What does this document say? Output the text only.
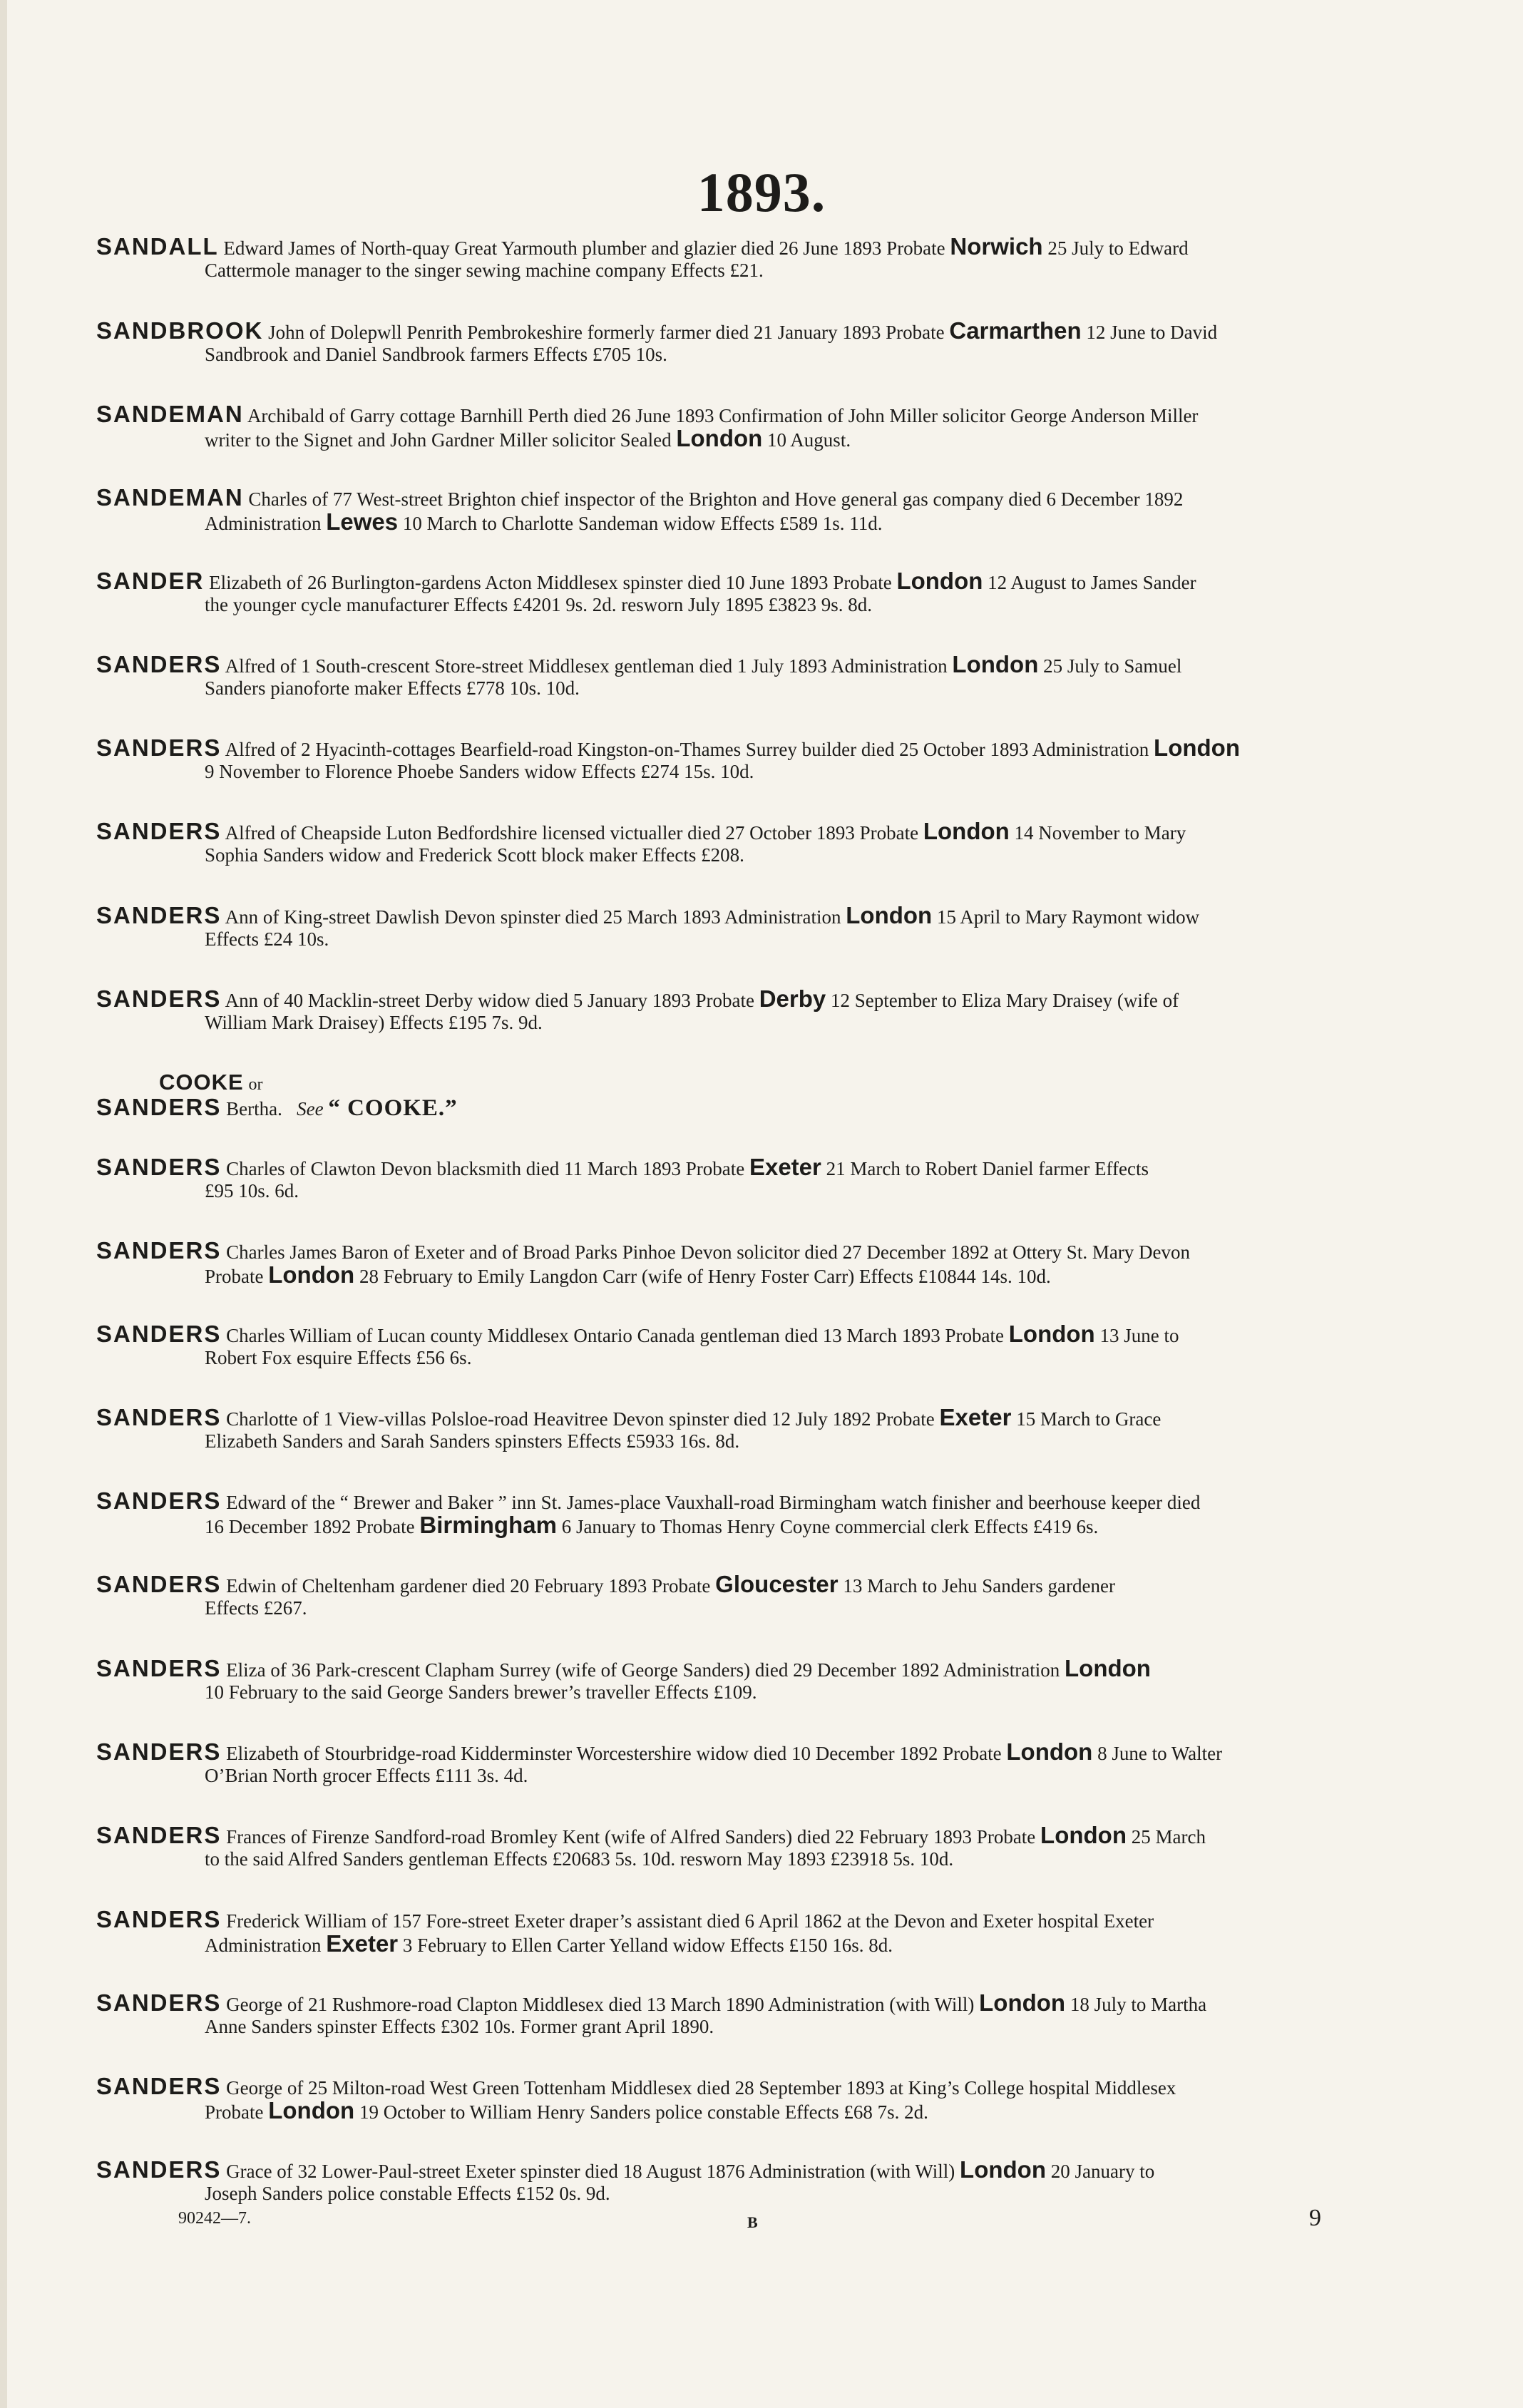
1893.
SANDALL Edward James of North-quay Great Yarmouth plumber and glazier died 26 June 1893 Probate Norwich 25 July to Edward
Cattermole manager to the singer sewing machine company Effects £21.
SANDBROOK John of Dolepwll Penrith Pembrokeshire formerly farmer died 21 January 1893 Probate Carmarthen 12 June to David
Sandbrook and Daniel Sandbrook farmers Effects £705 10s.
SANDEMAN Archibald of Garry cottage Barnhill Perth died 26 June 1893 Confirmation of John Miller solicitor George Anderson Miller
writer to the Signet and John Gardner Miller solicitor Sealed London 10 August.
SANDEMAN Charles of 77 West-street Brighton chief inspector of the Brighton and Hove general gas company died 6 December 1892
Administration Lewes 10 March to Charlotte Sandeman widow Effects £589 1s. 11d.
SANDER Elizabeth of 26 Burlington-gardens Acton Middlesex spinster died 10 June 1893 Probate London 12 August to James Sander
the younger cycle manufacturer Effects £4201 9s. 2d. resworn July 1895 £3823 9s. 8d.
SANDERS Alfred of 1 South-crescent Store-street Middlesex gentleman died 1 July 1893 Administration London 25 July to Samuel
Sanders pianoforte maker Effects £778 10s. 10d.
SANDERS Alfred of 2 Hyacinth-cottages Bearfield-road Kingston-on-Thames Surrey builder died 25 October 1893 Administration London
9 November to Florence Phoebe Sanders widow Effects £274 15s. 10d.
SANDERS Alfred of Cheapside Luton Bedfordshire licensed victualler died 27 October 1893 Probate London 14 November to Mary
Sophia Sanders widow and Frederick Scott block maker Effects £208.
SANDERS Ann of King-street Dawlish Devon spinster died 25 March 1893 Administration London 15 April to Mary Raymont widow
Effects £24 10s.
SANDERS Ann of 40 Macklin-street Derby widow died 5 January 1893 Probate Derby 12 September to Eliza Mary Draisey (wife of
William Mark Draisey) Effects £195 7s. 9d.
COOKE or
SANDERS Bertha. See “ COOKE.”
SANDERS Charles of Clawton Devon blacksmith died 11 March 1893 Probate Exeter 21 March to Robert Daniel farmer Effects
£95 10s. 6d.
SANDERS Charles James Baron of Exeter and of Broad Parks Pinhoe Devon solicitor died 27 December 1892 at Ottery St. Mary Devon
Probate London 28 February to Emily Langdon Carr (wife of Henry Foster Carr) Effects £10844 14s. 10d.
SANDERS Charles William of Lucan county Middlesex Ontario Canada gentleman died 13 March 1893 Probate London 13 June to
Robert Fox esquire Effects £56 6s.
SANDERS Charlotte of 1 View-villas Polsloe-road Heavitree Devon spinster died 12 July 1892 Probate Exeter 15 March to Grace
Elizabeth Sanders and Sarah Sanders spinsters Effects £5933 16s. 8d.
SANDERS Edward of the “ Brewer and Baker ” inn St. James-place Vauxhall-road Birmingham watch finisher and beerhouse keeper died
16 December 1892 Probate Birmingham 6 January to Thomas Henry Coyne commercial clerk Effects £419 6s.
SANDERS Edwin of Cheltenham gardener died 20 February 1893 Probate Gloucester 13 March to Jehu Sanders gardener
Effects £267.
SANDERS Eliza of 36 Park-crescent Clapham Surrey (wife of George Sanders) died 29 December 1892 Administration London
10 February to the said George Sanders brewer’s traveller Effects £109.
SANDERS Elizabeth of Stourbridge-road Kidderminster Worcestershire widow died 10 December 1892 Probate London 8 June to Walter
O’Brian North grocer Effects £111 3s. 4d.
SANDERS Frances of Firenze Sandford-road Bromley Kent (wife of Alfred Sanders) died 22 February 1893 Probate London 25 March
to the said Alfred Sanders gentleman Effects £20683 5s. 10d. resworn May 1893 £23918 5s. 10d.
SANDERS Frederick William of 157 Fore-street Exeter draper’s assistant died 6 April 1862 at the Devon and Exeter hospital Exeter
Administration Exeter 3 February to Ellen Carter Yelland widow Effects £150 16s. 8d.
SANDERS George of 21 Rushmore-road Clapton Middlesex died 13 March 1890 Administration (with Will) London 18 July to Martha
Anne Sanders spinster Effects £302 10s. Former grant April 1890.
SANDERS George of 25 Milton-road West Green Tottenham Middlesex died 28 September 1893 at King’s College hospital Middlesex
Probate London 19 October to William Henry Sanders police constable Effects £68 7s. 2d.
SANDERS Grace of 32 Lower-Paul-street Exeter spinster died 18 August 1876 Administration (with Will) London 20 January to
Joseph Sanders police constable Effects £152 0s. 9d.
90242—7.	B	9
